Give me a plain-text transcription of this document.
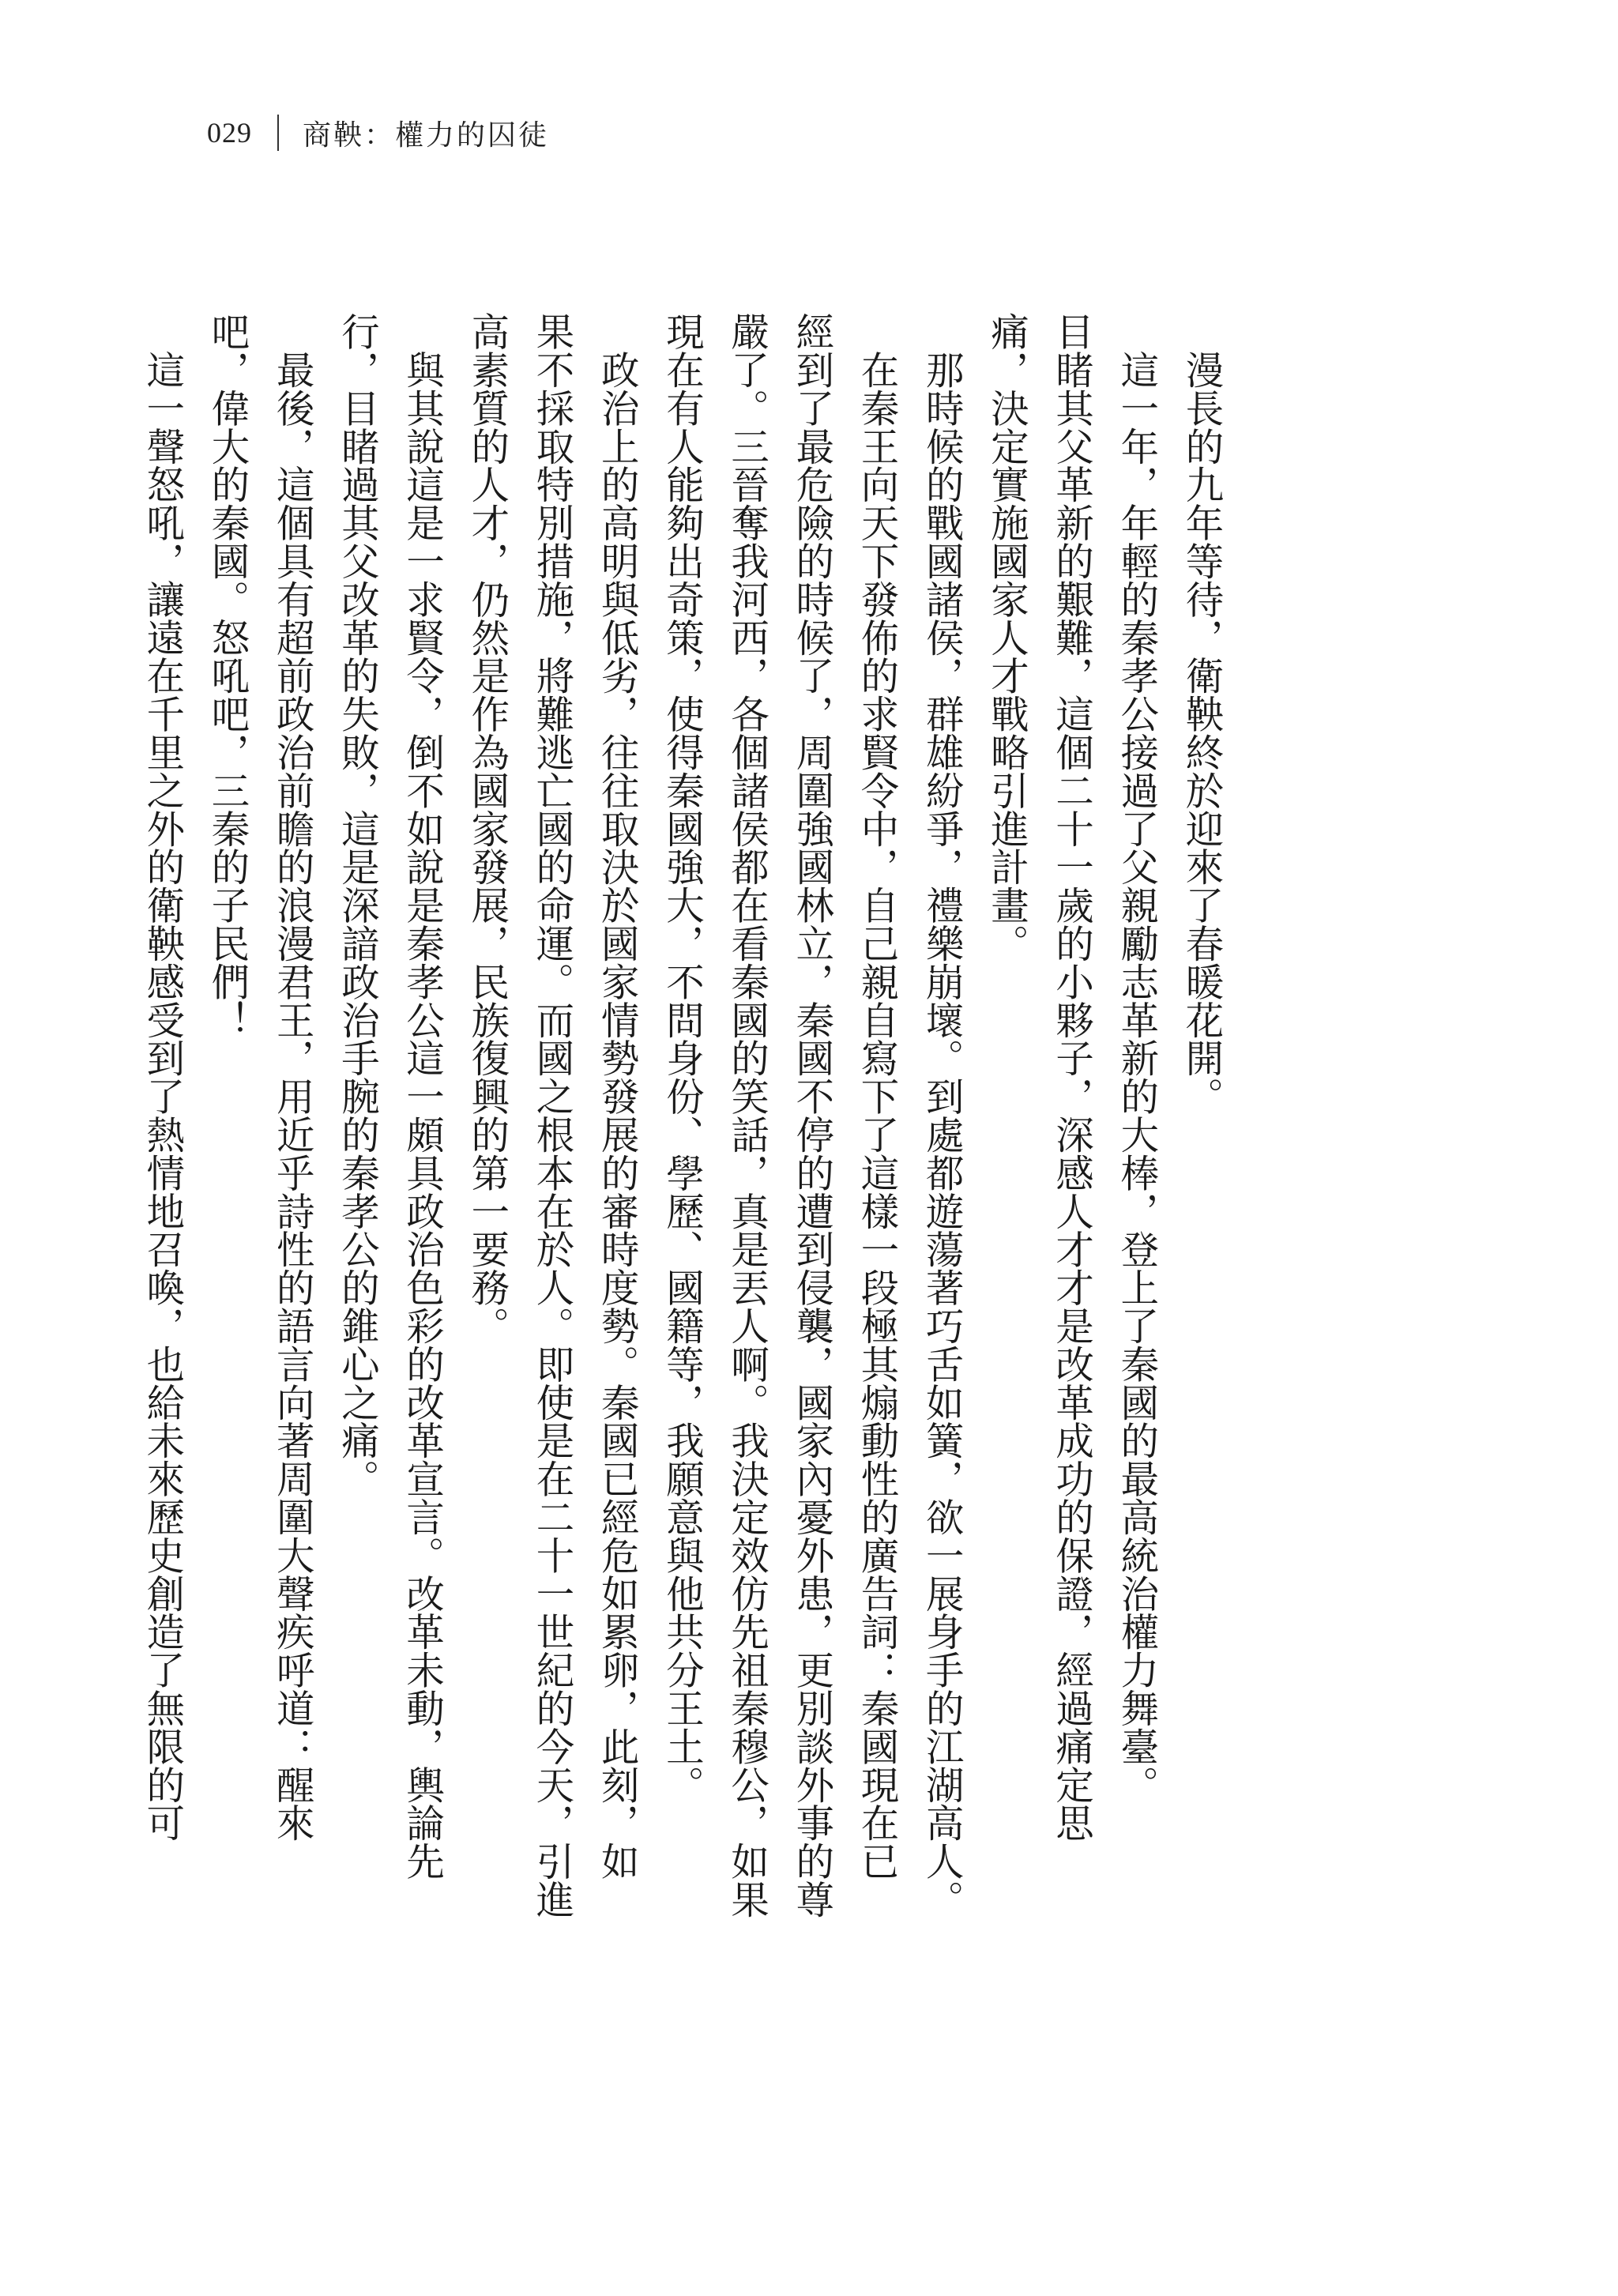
029 商鞅：權力的囚徒
　漫長的九年等待，衛鞅終於迎來了春暖花開。
　這一年，年輕的秦孝公接過了父親勵志革新的大棒，登上了秦國的最高統治權力舞臺。
目睹其父革新的艱難，這個二十一歲的小夥子，深感人才才是改革成功的保證，經過痛定思
痛，決定實施國家人才戰略引進計畫。
　那時候的戰國諸侯，群雄紛爭，禮樂崩壞。到處都遊蕩著巧舌如簧，欲一展身手的江湖高人。
　在秦王向天下發佈的求賢令中，自己親自寫下了這樣一段極其煽動性的廣告詞：秦國現在已
經到了最危險的時候了，周圍強國林立，秦國不停的遭到侵襲，國家內憂外患，更別談外事的尊
嚴了。三晉奪我河西，各個諸侯都在看秦國的笑話，真是丟人啊。我決定效仿先祖秦穆公，如果
現在有人能夠出奇策，使得秦國強大，不問身份、學歷、國籍等，我願意與他共分王土。
　政治上的高明與低劣，往往取決於國家情勢發展的審時度勢。秦國已經危如累卵，此刻，如
果不採取特別措施，將難逃亡國的命運。而國之根本在於人。即使是在二十一世紀的今天，引進
高素質的人才，仍然是作為國家發展，民族復興的第一要務。
　與其說這是一求賢令，倒不如說是秦孝公這一頗具政治色彩的改革宣言。改革未動，輿論先
行，目睹過其父改革的失敗，這是深諳政治手腕的秦孝公的錐心之痛。
　最後，這個具有超前政治前瞻的浪漫君王，用近乎詩性的語言向著周圍大聲疾呼道：醒來
吧，偉大的秦國。怒吼吧，三秦的子民們！
　這一聲怒吼，讓遠在千里之外的衛鞅感受到了熱情地召喚，也給未來歷史創造了無限的可
